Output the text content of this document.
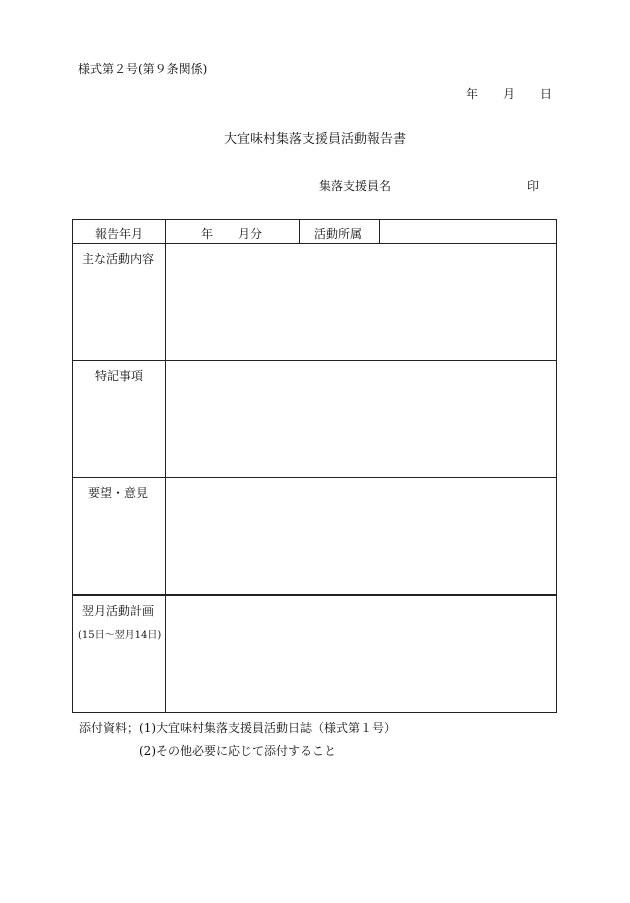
様式第２号(第９条関係)
年 月 日
大宜味村集落支援員活動報告書
集落支援員名	印
報告年月	年 月分	活動所属
主な活動内容
特記事項
要望・意見
翌月活動計画
(15日～翌月14日)
添付資料；(1)大宜味村集落支援員活動日誌（様式第１号）
(2)その他必要に応じて添付すること
